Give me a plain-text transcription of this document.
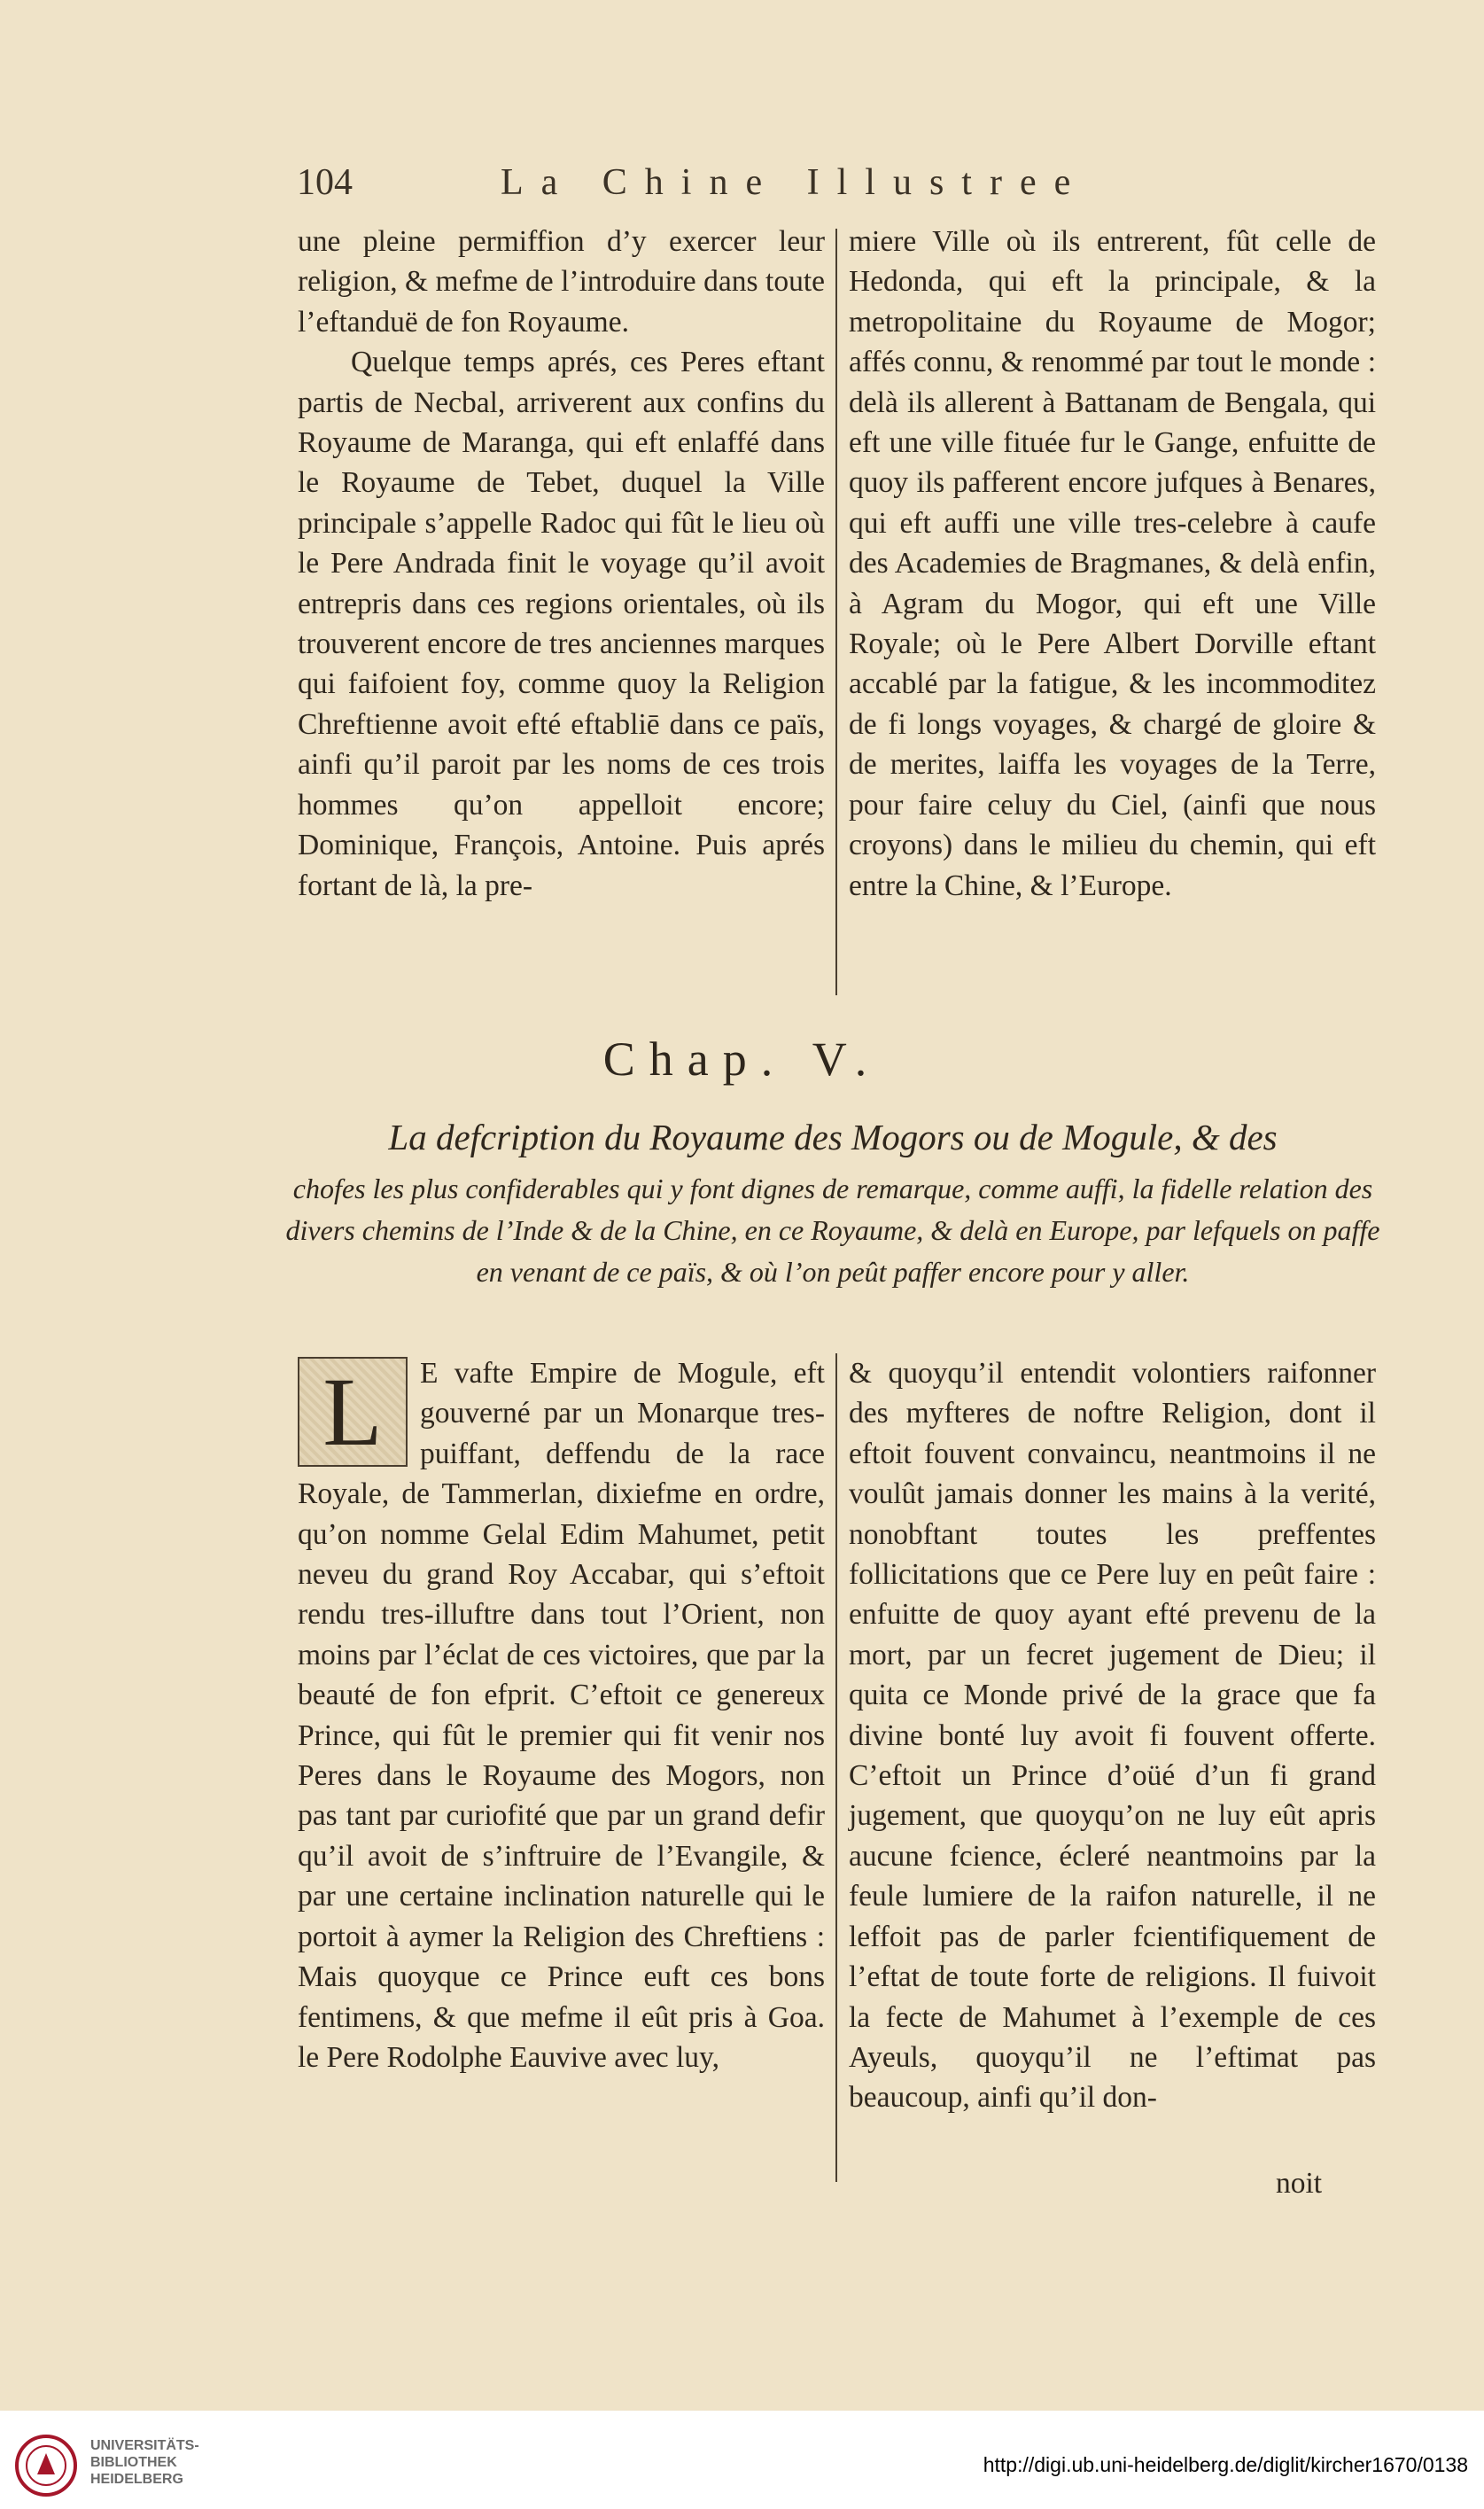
104	La Chine Illustree

une pleine permiffion d’y exercer leur religion, & mefme de l’introduire dans toute l’eftanduë de fon Royaume.

Quelque temps aprés, ces Peres eftant partis de Necbal, arriverent aux confins du Royaume de Maranga, qui eft enlaffé dans le Royaume de Tebet, duquel la Ville principale s’appelle Radoc qui fût le lieu où le Pere Andrada finit le voyage qu’il avoit entrepris dans ces regions orientales, où ils trouverent encore de tres anciennes marques qui faifoient foy, comme quoy la Religion Chreftienne avoit efté eftabliē dans ce païs, ainfi qu’il paroit par les noms de ces trois hommes qu’on appelloit encore; Dominique, François, Antoine. Puis aprés fortant de là, la pre-

miere Ville où ils entrerent, fût celle de Hedonda, qui eft la principale, & la metropolitaine du Royaume de Mogor; affés connu, & renommé par tout le monde : delà ils allerent à Battanam de Bengala, qui eft une ville fituée fur le Gange, enfuitte de quoy ils pafferent encore jufques à Benares, qui eft auffi une ville tres-celebre à caufe des Academies de Bragmanes, & delà enfin, à Agram du Mogor, qui eft une Ville Royale; où le Pere Albert Dorville eftant accablé par la fatigue, & les incommoditez de fi longs voyages, & chargé de gloire & de merites, laiffa les voyages de la Terre, pour faire celuy du Ciel, (ainfi que nous croyons) dans le milieu du chemin, qui eft entre la Chine, & l’Europe.

Chap. V.
La defcription du Royaume des Mogors ou de Mogule, & des
chofes les plus confiderables qui y font dignes de remarque, comme auffi, la fidelle relation des divers chemins de l’Inde & de la Chine, en ce Royaume, & delà en Europe, par lefquels on paffe en venant de ce païs, & où l’on peût paffer encore pour y aller.
L	E vafte Empire de Mogule, eft gouverné par un Monarque tres-puiffant, deffendu de la race Royale, de Tammerlan, dixiefme en ordre, qu’on nomme Gelal Edim Mahumet, petit neveu du grand Roy Accabar, qui s’eftoit rendu tres-illuftre dans tout l’Orient, non moins par l’éclat de ces victoires, que par la beauté de fon efprit. C’eftoit ce genereux Prince, qui fût le premier qui fit venir nos Peres dans le Royaume des Mogors, non pas tant par curiofité que par un grand defir qu’il avoit de s’inftruire de l’Evangile, & par une certaine inclination naturelle qui le portoit à aymer la Religion des Chreftiens : Mais quoyque ce Prince euft ces bons fentimens, & que mefme il eût pris à Goa. le Pere Rodolphe Eauvive avec luy,

& quoyqu’il entendit volontiers raifonner des myfteres de noftre Religion, dont il eftoit fouvent convaincu, neantmoins il ne voulût jamais donner les mains à la verité, nonobftant toutes les preffentes follicitations que ce Pere luy en peût faire : enfuitte de quoy ayant efté prevenu de la mort, par un fecret jugement de Dieu; il quita ce Monde privé de la grace que fa divine bonté luy avoit fi fouvent offerte. C’eftoit un Prince d’oüé d’un fi grand jugement, que quoyqu’on ne luy eût apris aucune fcience, écleré neantmoins par la feule lumiere de la raifon naturelle, il ne leffoit pas de parler fcientifiquement de l’eftat de toute forte de religions. Il fuivoit la fecte de Mahumet à l’exemple de ces Ayeuls, quoyqu’il ne l’eftimat pas beaucoup, ainfi qu’il don-

noit
UNIVERSITÄTS-
BIBLIOTHEK
HEIDELBERG
http://digi.ub.uni-heidelberg.de/diglit/kircher1670/0138
